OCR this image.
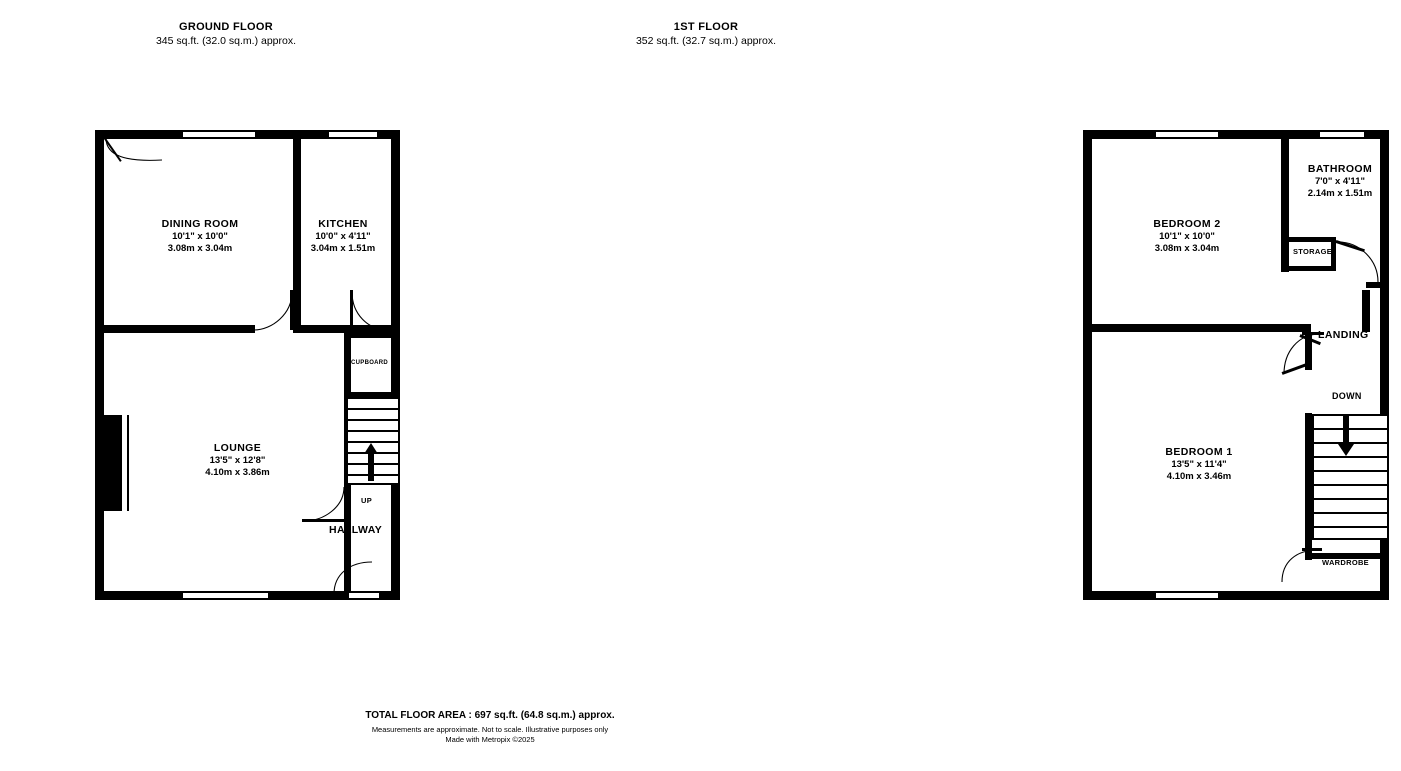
GROUND FLOOR
345 sq.ft. (32.0 sq.m.) approx.
1ST FLOOR
352 sq.ft. (32.7 sq.m.) approx.
CUPBOARD
UP
DINING ROOM
10'1" x 10'0"
3.08m x 3.04m
KITCHEN
10'0" x 4'11"
3.04m x 1.51m
LOUNGE
13'5" x 12'8"
4.10m x 3.86m
HALLWAY
STORAGE
WARDROBE
DOWN
BATHROOM
7'0" x 4'11"
2.14m x 1.51m
BEDROOM 2
10'1" x 10'0"
3.08m x 3.04m
BEDROOM 1
13'5" x 11'4"
4.10m x 3.46m
LANDING
TOTAL FLOOR AREA : 697 sq.ft. (64.8 sq.m.) approx.
Measurements are approximate. Not to scale. Illustrative purposes only
Made with Metropix ©2025
